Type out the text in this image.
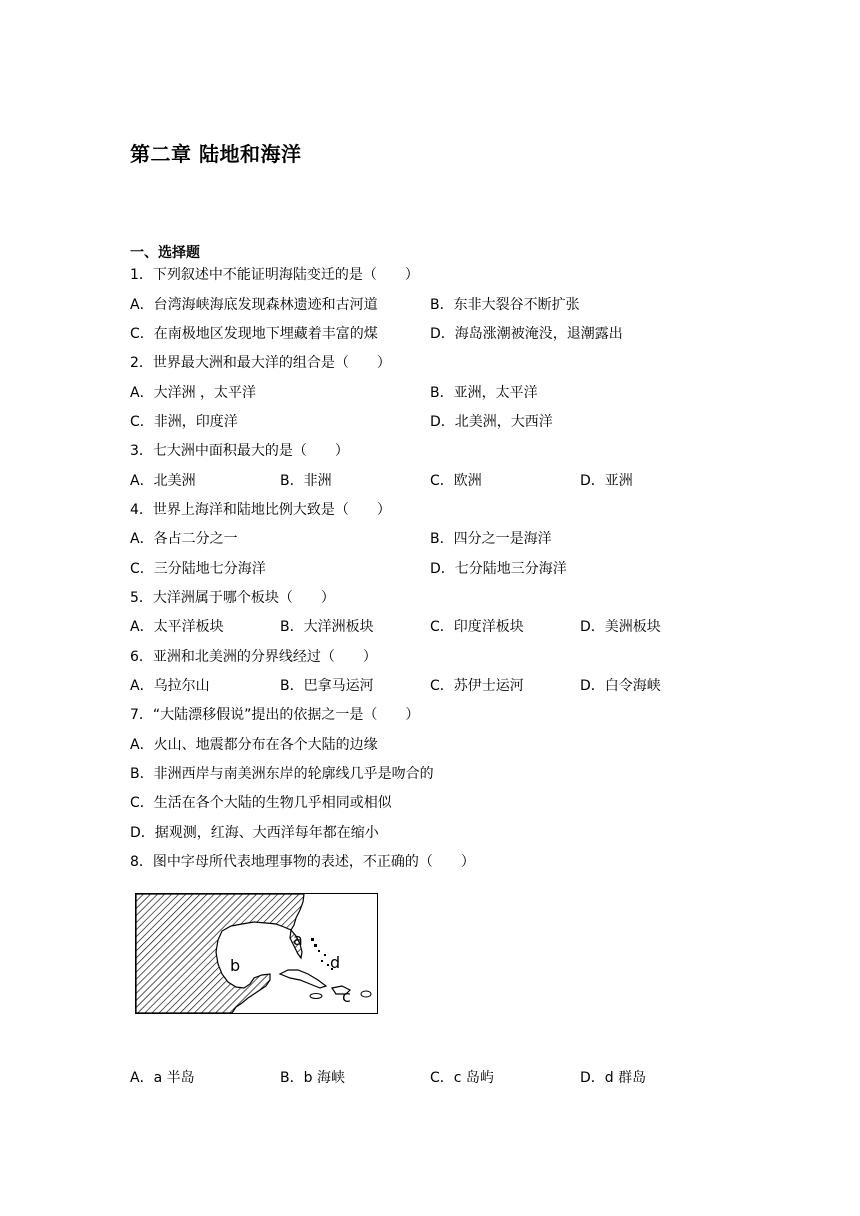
第二章 陆地和海洋
一、选择题
1．下列叙述中不能证明海陆变迁的是（　　）
A．台湾海峡海底发现森林遗迹和古河道	B．东非大裂谷不断扩张
C．在南极地区发现地下埋藏着丰富的煤	D．海岛涨潮被淹没，退潮露出
2．世界最大洲和最大洋的组合是（　　）
A．大洋洲 ，太平洋	B．亚洲，太平洋
C．非洲，印度洋	D．北美洲，大西洋
3．七大洲中面积最大的是（　　）
A．北美洲	B．非洲	C．欧洲	D．亚洲
4．世界上海洋和陆地比例大致是（　　）
A．各占二分之一	B．四分之一是海洋
C．三分陆地七分海洋	D．七分陆地三分海洋
5．大洋洲属于哪个板块（　　）
A．太平洋板块	B．大洋洲板块	C．印度洋板块	D．美洲板块
6．亚洲和北美洲的分界线经过（　　）
A．乌拉尔山	B．巴拿马运河	C．苏伊士运河	D．白令海峡
7．“大陆漂移假说”提出的依据之一是（　　）
A．火山、地震都分布在各个大陆的边缘
B．非洲西岸与南美洲东岸的轮廓线几乎是吻合的
C．生活在各个大陆的生物几乎相同或相似
D．据观测，红海、大西洋每年都在缩小
8．图中字母所代表地理事物的表述，不正确的（　　）
a
b
c
d
A．a 半岛	B．b 海峡	C．c 岛屿	D．d 群岛
